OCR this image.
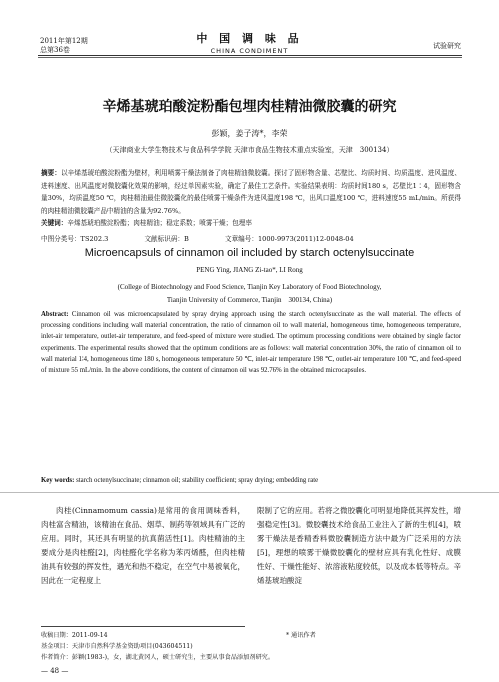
2011年第12期
总第36卷
中 国 调 味 品
CHINA CONDIMENT
试验研究
辛烯基琥珀酸淀粉酯包埋肉桂精油微胶囊的研究
彭颖，姜子涛*，李荣
（天津商业大学生物技术与食品科学学院 天津市食品生物技术重点实验室，天津　300134）
摘要：以辛烯基琥珀酸淀粉酯为壁材，利用喷雾干燥法制备了肉桂精油微胶囊。探讨了固形物含量、芯壁比、均质时间、均质温度、进风温度、进料速度、出风温度对微胶囊化效果的影响，经过单因素实验，确定了最佳工艺条件。实验结果表明：均质时间180 s，芯壁比1∶4，固形物含量30%，均质温度50 ℃，肉桂精油最佳微胶囊化的最佳喷雾干燥条件为进风温度198 ℃，出风口温度100 ℃，进料速度55 mL/min。所获得的肉桂精油微胶囊产品中精油的含量为92.76%。
关键词：辛烯基琥珀酸淀粉酯；肉桂精油；稳定系数；喷雾干燥；包埋率
中图分类号：TS202.3	文献标识码：B	文章编号：1000-9973(2011)12-0048-04
Microencapsuls of cinnamon oil included by starch octenylsuccinate
PENG Ying, JIANG Zi-tao*, LI Rong
(College of Biotechnology and Food Science, Tianjin Key Laboratory of Food Biotechnology,
Tianjin University of Commerce, Tianjin　300134, China)
Abstract: Cinnamon oil was microencapsulated by spray drying approach using the starch octenylsuccinate as the wall material. The effects of processing conditions including wall material concentration, the ratio of cinnamon oil to wall material, homogeneous time, homogeneous temperature, inlet-air temperature, outlet-air temperature, and feed-speed of mixture were studied. The optimum processing conditions were obtained by single factor experiments. The experimental results showed that the optimum conditions are as follows: wall material concentration 30%, the ratio of cinnamon oil to wall material 1∶4, homogeneous time 180 s, homogeneous temperature 50 ℃, inlet-air temperature 198 ℃, outlet-air temperature 100 ℃, and feed-speed of mixture 55 mL/min. In the above conditions, the content of cinnamon oil was 92.76% in the obtained microcapsules.
Key words: starch octenylsuccinate; cinnamon oil; stability coefficient; spray drying; embedding rate
肉桂(Cinnamomum cassia)是常用的食用调味香料，肉桂富含精油，该精油在食品、烟草、制药等领域具有广泛的应用。同时，其还具有明显的抗真菌活性[1]。肉桂精油的主要成分是肉桂醛[2]，肉桂醛化学名称为苯丙烯醛，但肉桂精油具有较强的挥发性，遇光和热不稳定，在空气中易被氧化，因此在一定程度上
限制了它的应用。若将之微胶囊化可明显地降低其挥发性，增强稳定性[3]。微胶囊技术给食品工业注入了新的生机[4]，喷雾干燥法是香精香料微胶囊制造方法中最为广泛采用的方法[5]，理想的喷雾干燥微胶囊化的壁材应具有乳化性好、成膜性好、干燥性能好、浓溶液粘度较低，以及成本低等特点。辛烯基琥珀酸淀
* 通讯作者
收稿日期：2011-09-14
基金项目：天津市自然科学基金资助项目(043604511)
作者简介：彭颖(1983-)，女，湖北黄冈人，硕士研究生，主要从事食品添加剂研究。
— 48 —
